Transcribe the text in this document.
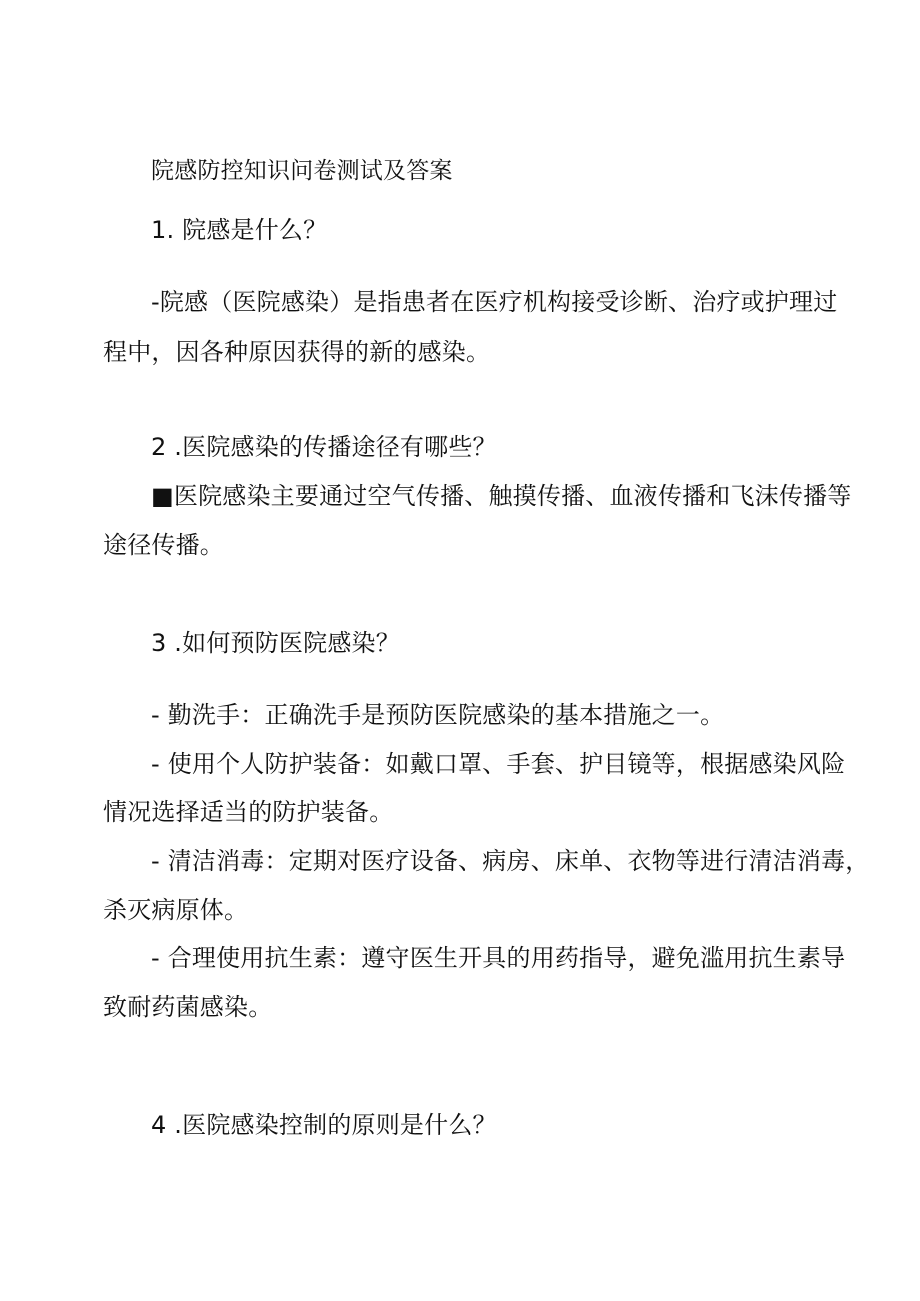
院感防控知识问卷测试及答案

1. 院感是什么？

-院感（医院感染）是指患者在医疗机构接受诊断、治疗或护理过

程中，因各种原因获得的新的感染。

2 .医院感染的传播途径有哪些？

■医院感染主要通过空气传播、触摸传播、血液传播和飞沫传播等

途径传播。

3 .如何预防医院感染？

- 勤洗手：正确洗手是预防医院感染的基本措施之一。

- 使用个人防护装备：如戴口罩、手套、护目镜等，根据感染风险

情况选择适当的防护装备。

- 清洁消毒：定期对医疗设备、病房、床单、衣物等进行清洁消毒，

杀灭病原体。

- 合理使用抗生素：遵守医生开具的用药指导，避免滥用抗生素导

致耐药菌感染。

4 .医院感染控制的原则是什么？
